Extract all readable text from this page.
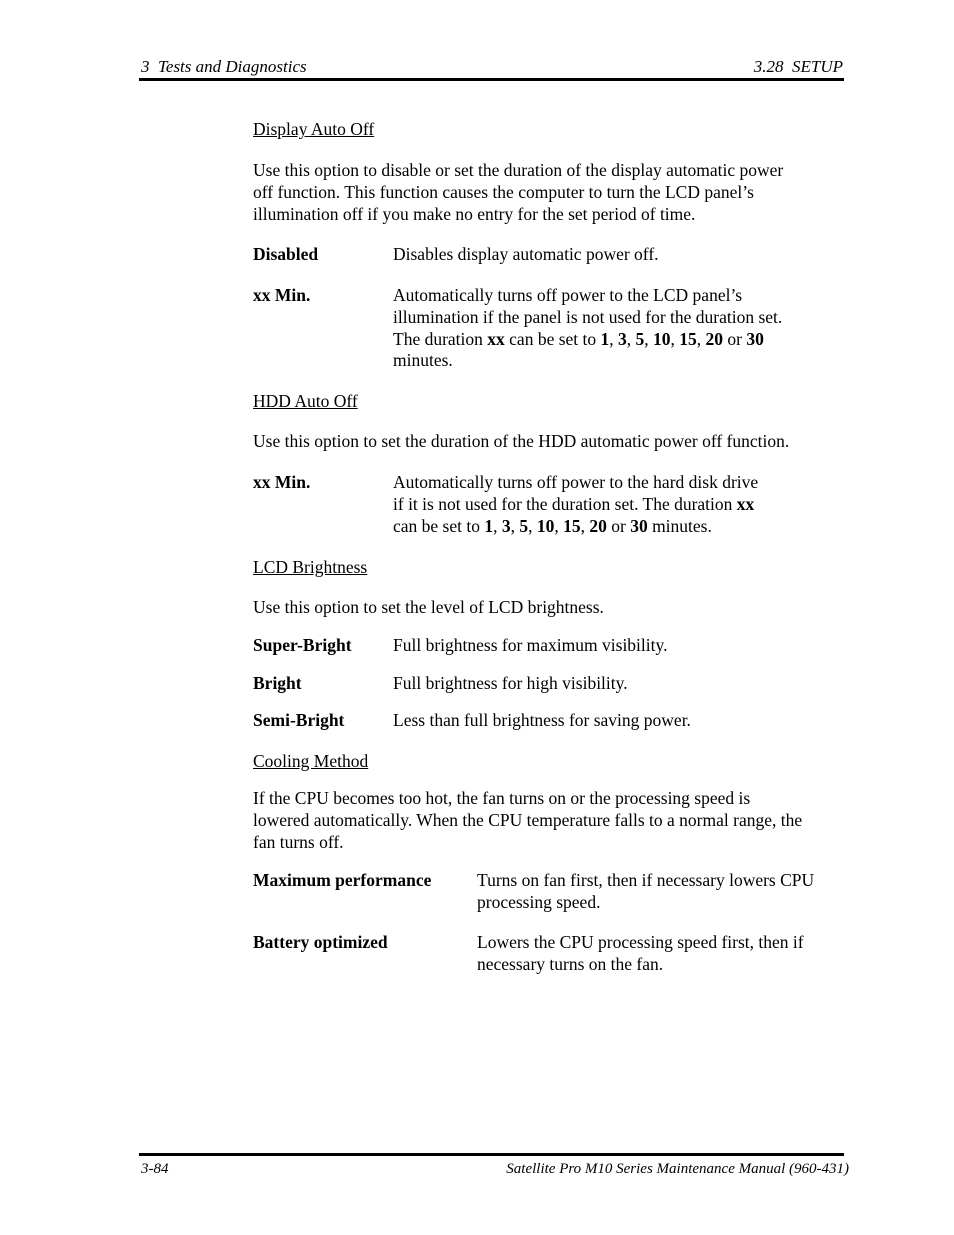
3  Tests and Diagnostics	3.28  SETUP
Display Auto Off
Use this option to disable or set the duration of the display automatic power
off function. This function causes the computer to turn the LCD panel’s
illumination off if you make no entry for the set period of time.
Disabled	Disables display automatic power off.
xx Min.	Automatically turns off power to the LCD panel’s
illumination if the panel is not used for the duration set.
The duration xx can be set to 1, 3, 5, 10, 15, 20 or 30
minutes.
HDD Auto Off
Use this option to set the duration of the HDD automatic power off function.
xx Min.	Automatically turns off power to the hard disk drive
if it is not used for the duration set. The duration xx
can be set to 1, 3, 5, 10, 15, 20 or 30 minutes.
LCD Brightness
Use this option to set the level of LCD brightness.
Super-Bright Full brightness for maximum visibility.
Bright	Full brightness for high visibility.
Semi-Bright	Less than full brightness for saving power.
Cooling Method
If the CPU becomes too hot, the fan turns on or the processing speed is
lowered automatically. When the CPU temperature falls to a normal range, the
fan turns off.
Maximum performance	Turns on fan first, then if necessary lowers CPU
processing speed.
Battery optimized	Lowers the CPU processing speed first, then if
necessary turns on the fan.
3-84	Satellite Pro M10 Series Maintenance Manual (960-431)
